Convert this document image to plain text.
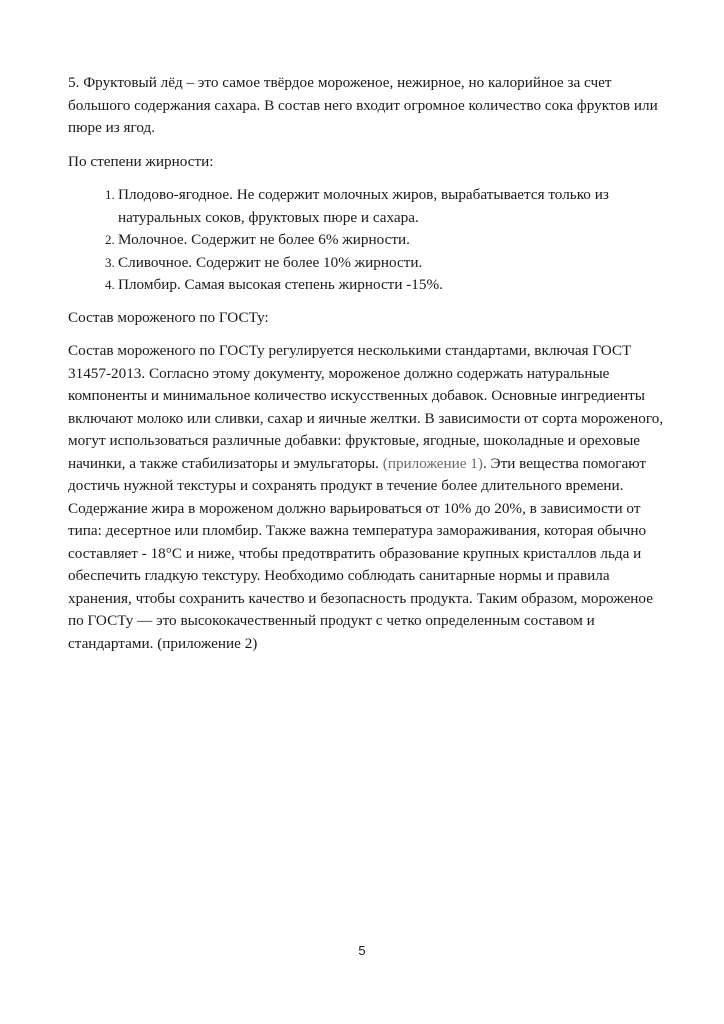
5. Фруктовый лёд – это самое твёрдое мороженое, нежирное, но калорийное за счет большого содержания сахара. В состав него входит огромное количество сока фруктов или пюре из ягод.

По степени жирности:

1. Плодово-ягодное. Не содержит молочных жиров, вырабатывается только из натуральных соков, фруктовых пюре и сахара.
2. Молочное. Содержит не более 6% жирности.
3. Сливочное. Содержит не более 10% жирности.
4. Пломбир. Самая высокая степень жирности -15%.

Состав мороженого по ГОСТу:

Состав мороженого по ГОСТу регулируется несколькими стандартами, включая ГОСТ 31457-2013. Согласно этому документу, мороженое должно содержать натуральные компоненты и минимальное количество искусственных добавок. Основные ингредиенты включают молоко или сливки, сахар и яичные желтки. В зависимости от сорта мороженого, могут использоваться различные добавки: фруктовые, ягодные, шоколадные и ореховые начинки, а также стабилизаторы и эмульгаторы. (приложение 1). Эти вещества помогают достичь нужной текстуры и сохранять продукт в течение более длительного времени. Содержание жира в мороженом должно варьироваться от 10% до 20%, в зависимости от типа: десертное или пломбир. Также важна температура замораживания, которая обычно составляет - 18°С и ниже, чтобы предотвратить образование крупных кристаллов льда и обеспечить гладкую текстуру. Необходимо соблюдать санитарные нормы и правила хранения, чтобы сохранить качество и безопасность продукта. Таким образом, мороженое по ГОСТу — это высококачественный продукт с четко определенным составом и стандартами. (приложение 2)

5
